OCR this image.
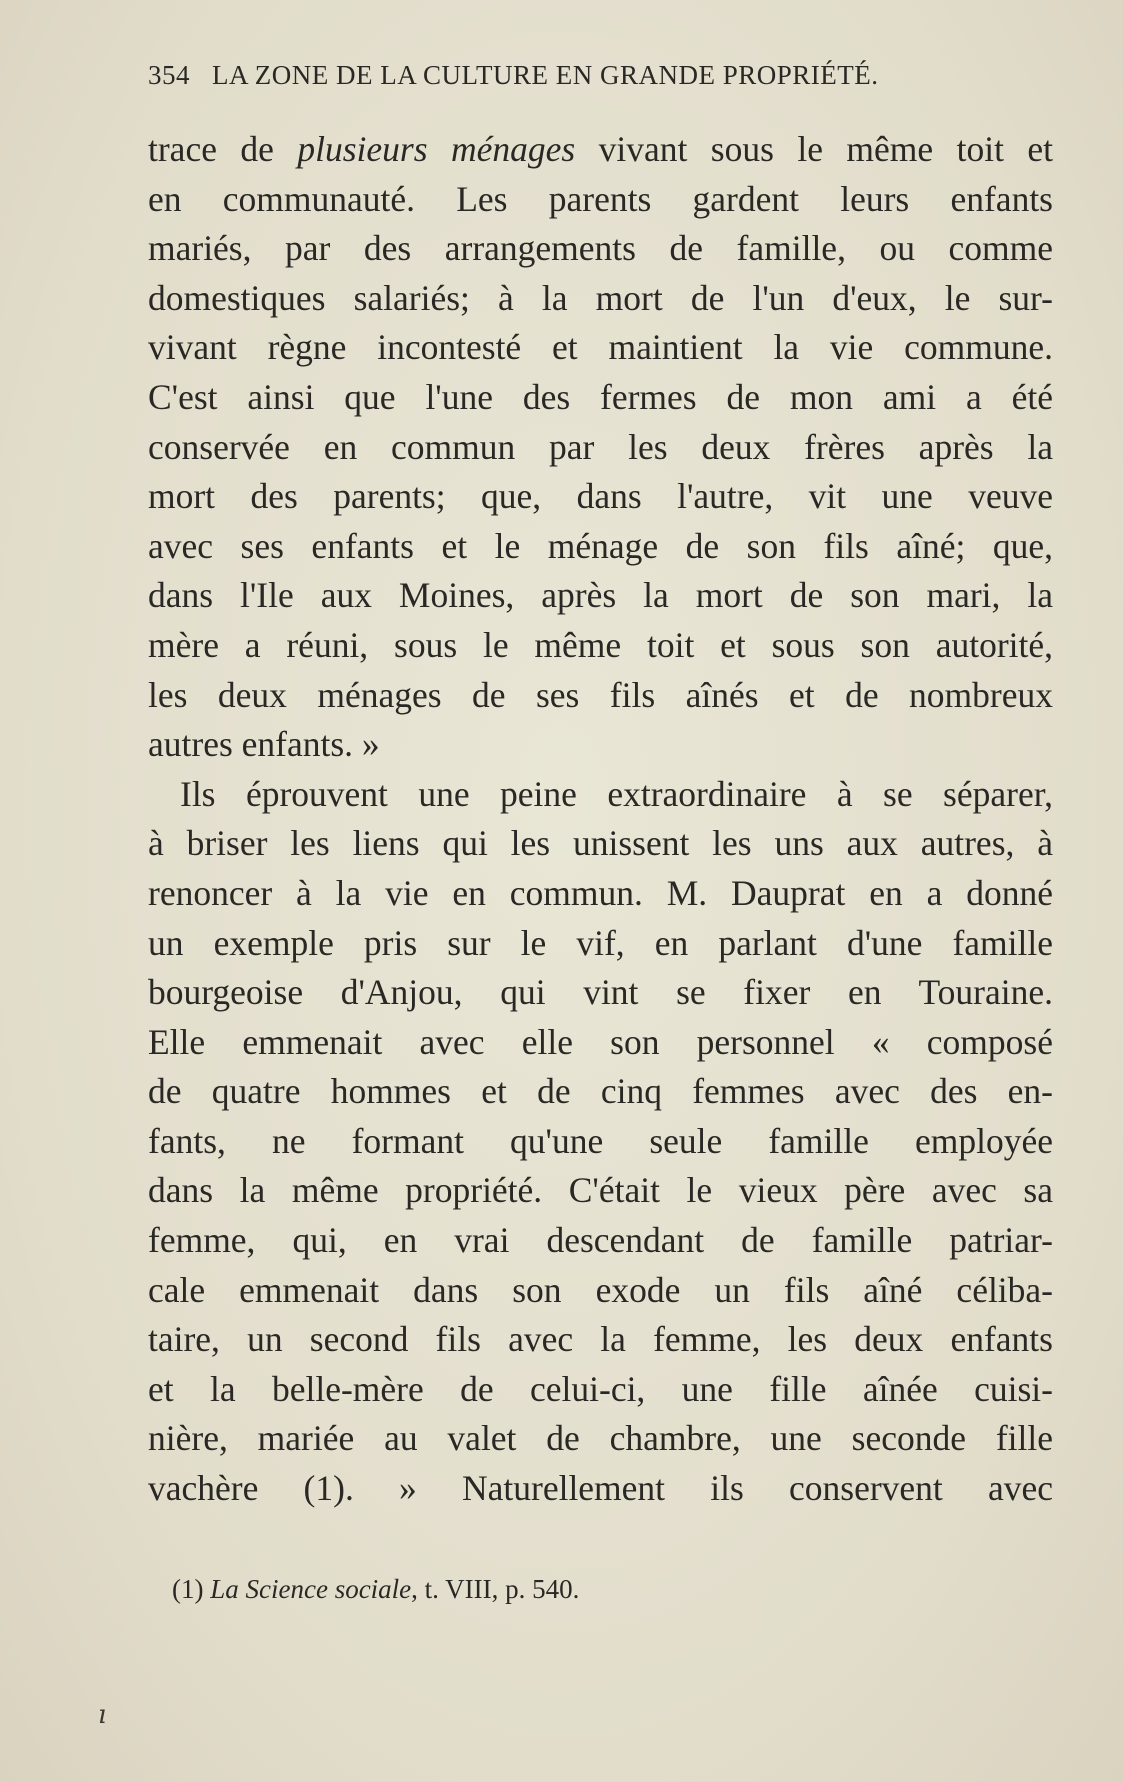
354 LA ZONE DE LA CULTURE EN GRANDE PROPRIÉTÉ.
trace de plusieurs ménages vivant sous le même toit et
en communauté. Les parents gardent leurs enfants
mariés, par des arrangements de famille, ou comme
domestiques salariés; à la mort de l'un d'eux, le sur-
vivant règne incontesté et maintient la vie commune.
C'est ainsi que l'une des fermes de mon ami a été
conservée en commun par les deux frères après la
mort des parents; que, dans l'autre, vit une veuve
avec ses enfants et le ménage de son fils aîné; que,
dans l'Ile aux Moines, après la mort de son mari, la
mère a réuni, sous le même toit et sous son autorité,
les deux ménages de ses fils aînés et de nombreux
autres enfants. »
Ils éprouvent une peine extraordinaire à se séparer,
à briser les liens qui les unissent les uns aux autres, à
renoncer à la vie en commun. M. Dauprat en a donné
un exemple pris sur le vif, en parlant d'une famille
bourgeoise d'Anjou, qui vint se fixer en Touraine.
Elle emmenait avec elle son personnel « composé
de quatre hommes et de cinq femmes avec des en-
fants, ne formant qu'une seule famille employée
dans la même propriété. C'était le vieux père avec sa
femme, qui, en vrai descendant de famille patriar-
cale emmenait dans son exode un fils aîné céliba-
taire, un second fils avec la femme, les deux enfants
et la belle-mère de celui-ci, une fille aînée cuisi-
nière, mariée au valet de chambre, une seconde fille
vachère (1). » Naturellement ils conservent avec
(1) La Science sociale, t. VIII, p. 540.
ı
